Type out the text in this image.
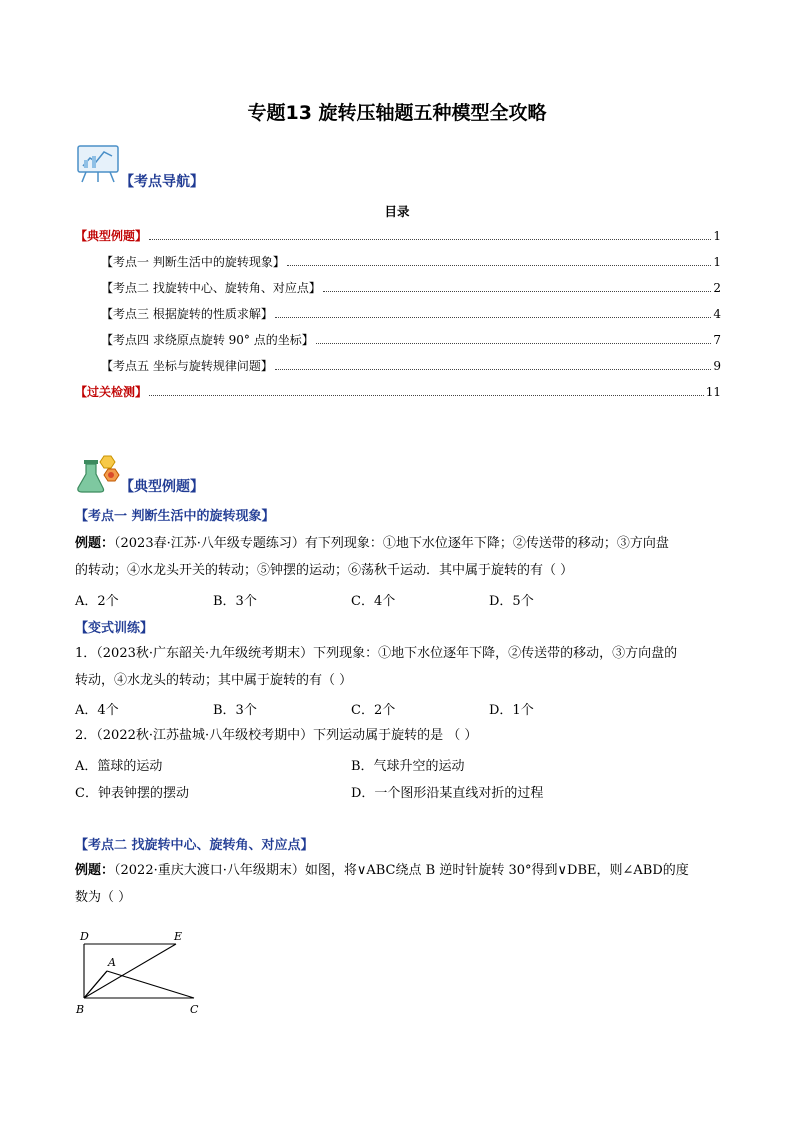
专题13 旋转压轴题五种模型全攻略
【考点导航】
目录
【典型例题】	1
【考点一 判断生活中的旋转现象】	1
【考点二 找旋转中心、旋转角、对应点】	2
【考点三 根据旋转的性质求解】	4
【考点四 求绕原点旋转 90° 点的坐标】	7
【考点五 坐标与旋转规律问题】	9
【过关检测】	11
【典型例题】
【考点一 判断生活中的旋转现象】
例题：（2023春·江苏·八年级专题练习）有下列现象：①地下水位逐年下降；②传送带的移动；③方向盘
的转动；④水龙头开关的转动；⑤钟摆的运动；⑥荡秋千运动．其中属于旋转的有（ ）
A．2个	B．3个	C．4个	D．5个
【变式训练】
1．（2023秋·广东韶关·九年级统考期末）下列现象：①地下水位逐年下降，②传送带的移动，③方向盘的
转动，④水龙头的转动；其中属于旋转的有（ ）
A．4个	B．3个	C．2个	D．1个
2．（2022秋·江苏盐城·八年级校考期中）下列运动属于旋转的是 （ ）
A．篮球的运动	B．气球升空的运动
C．钟表钟摆的摆动	D．一个图形沿某直线对折的过程
【考点二 找旋转中心、旋转角、对应点】
例题：（2022·重庆大渡口·八年级期末）如图，将∨ABC绕点 B 逆时针旋转 30°得到∨DBE，则∠ABD的度
数为（ ）
D	E
A
B	C
